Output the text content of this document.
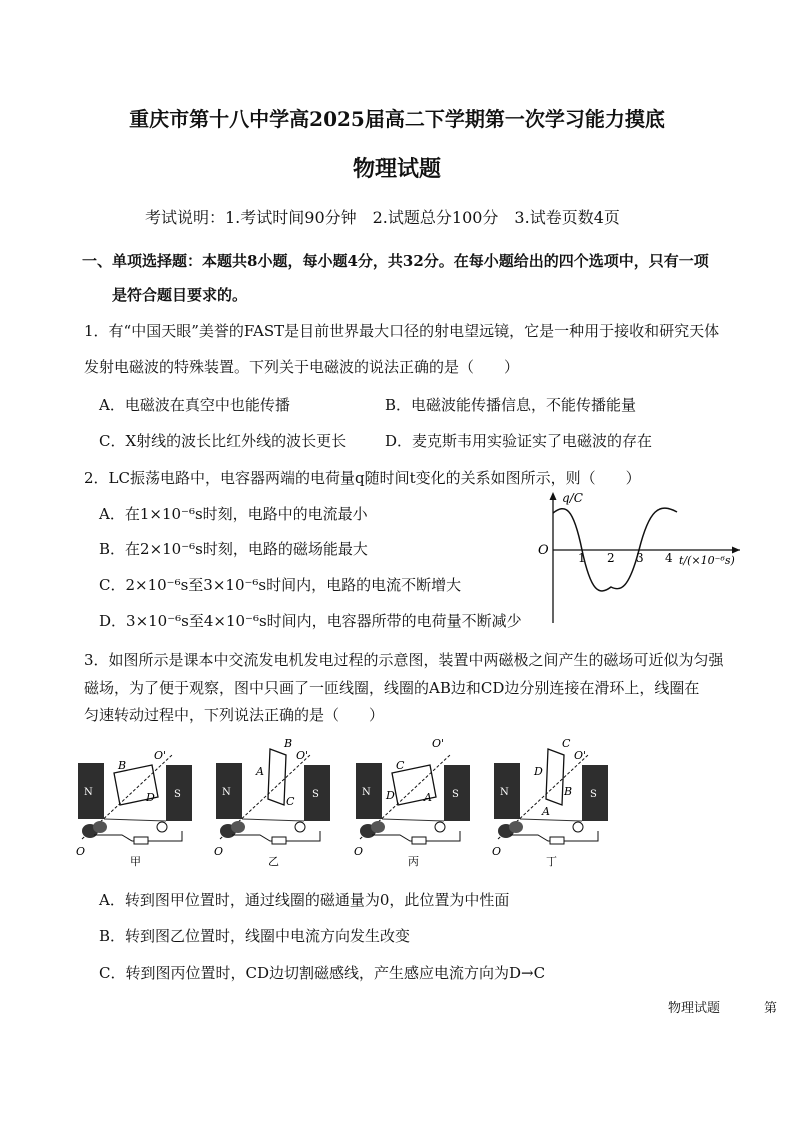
重庆市第十八中学高2025届高二下学期第一次学习能力摸底
物理试题
考试说明：1.考试时间90分钟　2.试题总分100分　3.试卷页数4页
一、单项选择题：本题共8小题，每小题4分，共32分。在每小题给出的四个选项中，只有一项
是符合题目要求的。
1．有“中国天眼”美誉的FAST是目前世界最大口径的射电望远镜，它是一种用于接收和研究天体
发射电磁波的特殊装置。下列关于电磁波的说法正确的是（　　）
A．电磁波在真空中也能传播	B．电磁波能传播信息，不能传播能量
C．X射线的波长比红外线的波长更长	D．麦克斯韦用实验证实了电磁波的存在
2．LC振荡电路中，电容器两端的电荷量q随时间t变化的关系如图所示，则（　　）
A．在1×10⁻⁶s时刻，电路中的电流最小
B．在2×10⁻⁶s时刻，电路的磁场能最大
C．2×10⁻⁶s至3×10⁻⁶s时间内，电路的电流不断增大
D．3×10⁻⁶s至4×10⁻⁶s时间内，电容器所带的电荷量不断减少
q/C
O 1 2 3 4 t/(×10⁻⁶s)
3．如图所示是课本中交流发电机发电过程的示意图，装置中两磁极之间产生的磁场可近似为匀强
磁场，为了便于观察，图中只画了一匝线圈，线圈的AB边和CD边分别连接在滑环上，线圈在
匀速转动过程中，下列说法正确的是（　　）
B
O'
D
N	S
O
甲
B
O'
A
C
N	S
O
乙
O'
C
D	A
N	S
O
丙
C
O'
D
B
A
N	S
O
丁
A．转到图甲位置时，通过线圈的磁通量为0，此位置为中性面
B．转到图乙位置时，线圈中电流方向发生改变
C．转到图丙位置时，CD边切割磁感线，产生感应电流方向为D→C
物理试题	第
